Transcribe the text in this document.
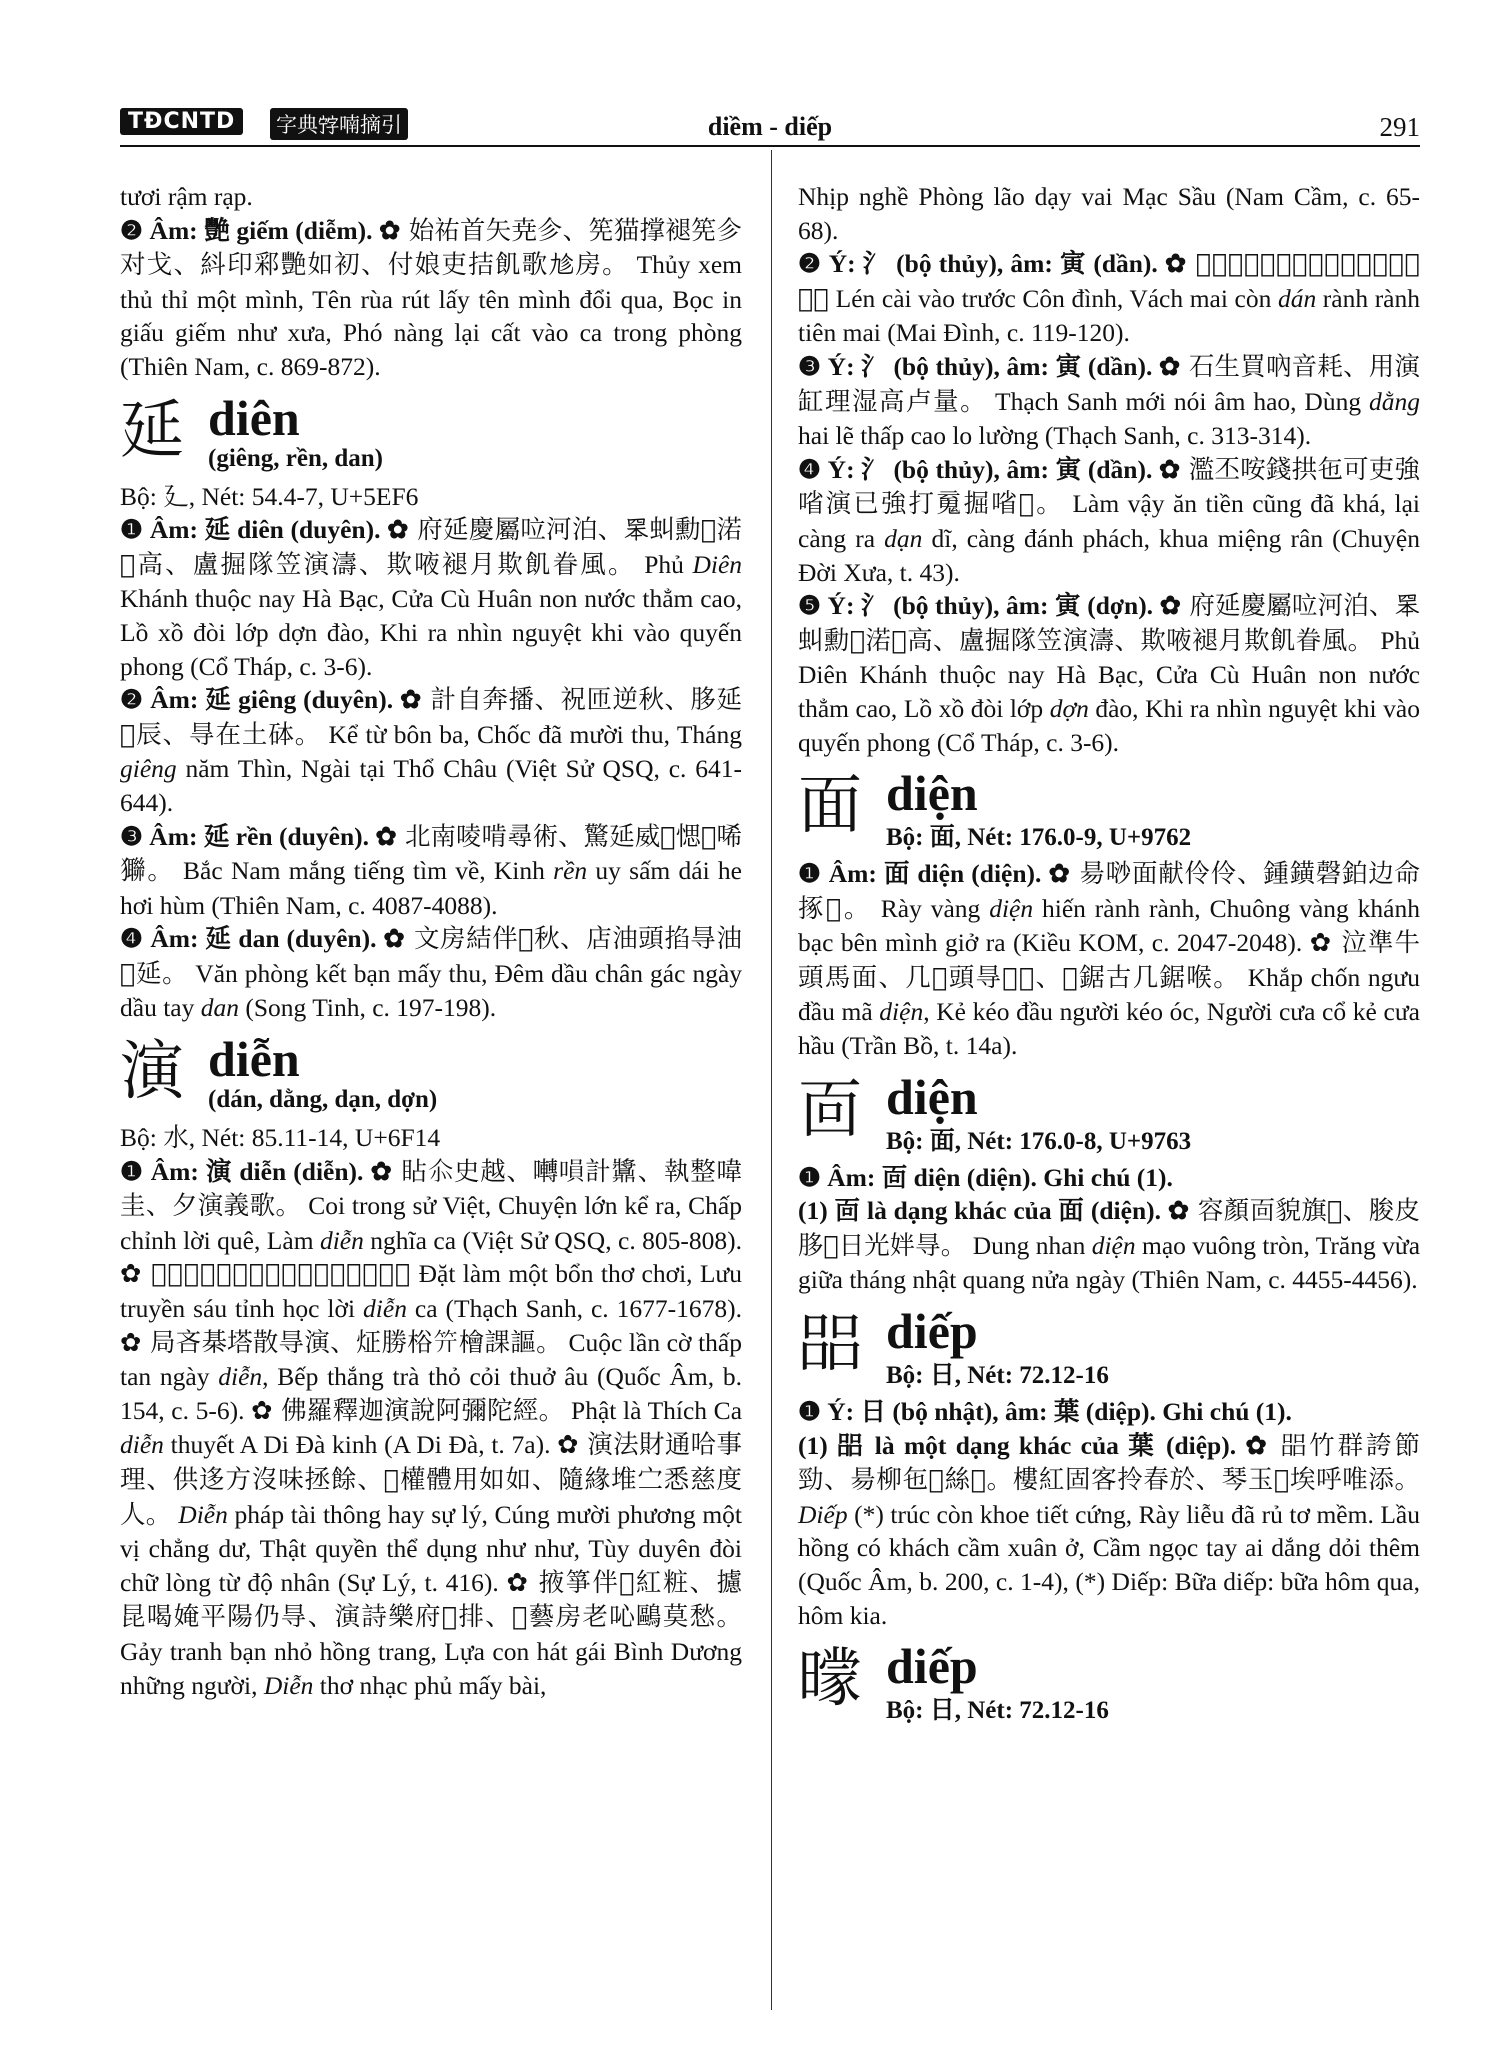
TĐCNTD	字典𡨸喃摘引	diềm - diếp	291

tươi rậm rạp.

❷ Âm: 艷 giếm (diễm). ✿ 始祐首矢尭㐱、筅猫撑褪筅㐱对戈、紏印䣋艷如初、付娘吏拮飢歌𠃩房。 Thủy xem thủ thỉ một mình, Tên rùa rút lấy tên mình đổi qua, Bọc in giấu giếm như xưa, Phó nàng lại cất vào ca trong phòng (Thiên Nam, c. 869-872).

延 diên
(giêng, rền, dan)

Bộ: 廴, Nét: 54.4-7, U+5EF6

❶ Âm: 延 diên (duyên). ✿ 府延慶屬㕸河泊、𦊚虯勳𡀳渃𣼽高、盧掘隊笠演濤、欺㖡褪月欺飢眷風。 Phủ Diên Khánh thuộc nay Hà Bạc, Cửa Cù Huân non nước thẳm cao, Lồ xồ đòi lớp dợn đào, Khi ra nhìn nguyệt khi vào quyến phong (Cổ Tháp, c. 3-6).

❷ Âm: 延 giêng (duyên). ✿ 計自奔播、祝匝逆秋、䏧延𢆥辰、㝵在土砵。 Kể từ bôn ba, Chốc đã mười thu, Tháng giêng năm Thìn, Ngài tại Thổ Châu (Việt Sử QSQ, c. 641-644).

❸ Âm: 延 rền (duyên). ✿ 北南㖫啃尋術、驚延威𩆐愢𩿠唏㺦。 Bắc Nam mắng tiếng tìm về, Kinh rền uy sấm dái he hơi hùm (Thiên Nam, c. 4087-4088).

❹ Âm: 延 dan (duyên). ✿ 文房結伴𠃣秋、店油頭掐㝵油𠄼延。 Văn phòng kết bạn mấy thu, Đêm dầu chân gác ngày dầu tay dan (Song Tinh, c. 197-198).

演 diễn
(dán, dằng, dạn, dợn)

Bộ: 水, Nét: 85.11-14, U+6F14

❶ Âm: 演 diễn (diễn). ✿ 䀡𠇍史越、囀𠹚計䵼、執整喡圭、夕演義歌。 Coi trong sử Việt, Chuyện lớn kể ra, Chấp chỉnh lời quê, Làm diễn nghĩa ca (Việt Sử QSQ, c. 805-808). ✿ 𡏦夕没本𨁪𨀈、留傳𦒹省學喃課歌。 Đặt làm một bổn thơ chơi, Lưu truyền sáu tỉnh học lời diễn ca (Thạch Sanh, c. 1677-1678). ✿ 局吝棊塔散㝵演、炡勝㭲𥫚檜課謳。 Cuộc lần cờ thấp tan ngày diễn, Bếp thắng trà thỏ cỏi thuở âu (Quốc Âm, b. 154, c. 5-6). ✿ 佛羅釋迦演說阿彌陀經。 Phật là Thích Ca diễn thuyết A Di Đà kinh (A Di Đà, t. 7a). ✿ 演法財通哈事理、供迻方沒味拯餘、𡨹權體用如如、隨緣堆㝉悉慈度人。 Diễn pháp tài thông hay sự lý, Cúng mười phương một vị chẳng dư, Thật quyền thể dụng như như, Tùy duyên đòi chữ lòng từ độ nhân (Sự Lý, t. 416). ✿ 掖箏伴𡮈紅粧、攄昆喝㛪平陽仍㝵、演詩樂府𠃣排、𢯏藝房老吣鷗莫愁。 Gảy tranh bạn nhỏ hồng trang, Lựa con hát gái Bình Dương những người, Diễn thơ nhạc phủ mấy bài,

Nhịp nghề Phòng lão dạy vai Mạc Sầu (Nam Cầm, c. 65-68).

❷ Ý: 氵 (bộ thủy), âm: 寅 (dần). ✿ 𨅸掑飢𩯀𡶀亭、壁梅群演伶伶𥱬梅。 Lén cài vào trước Côn đình, Vách mai còn dán rành rành tiên mai (Mai Đình, c. 119-120).

❸ Ý: 氵 (bộ thủy), âm: 寅 (dần). ✿ 石生買吶音耗、用演缸理湿高卢量。 Thạch Sanh mới nói âm hao, Dùng dằng hai lẽ thấp cao lo lường (Thạch Sanh, c. 313-314).

❹ Ý: 氵 (bộ thủy), âm: 寅 (dần). ✿ 濫丕咹錢拱㐌可吏強㗂演已強打䰟掘㗂𠿃。 Làm vậy ăn tiền cũng đã khá, lại càng ra dạn dĩ, càng đánh phách, khua miệng rân (Chuyện Đời Xưa, t. 43).

❺ Ý: 氵 (bộ thủy), âm: 寅 (dợn). ✿ 府延慶屬㕸河泊、𦊚虯勳𡀳渃𣼽高、盧掘隊笠演濤、欺㖡褪月欺飢眷風。 Phủ Diên Khánh thuộc nay Hà Bạc, Cửa Cù Huân non nước thẳm cao, Lồ xồ đòi lớp dợn đào, Khi ra nhìn nguyệt khi vào quyến phong (Cổ Tháp, c. 3-6).

面 diện
Bộ: 面, Nét: 176.0-9, U+9762

❶ Âm: 面 diện (diện). ✿ 昜唦面献伶伶、鍾鐄磬鉑边命㧻𠷩。 Rày vàng diện hiến rành rành, Chuông vàng khánh bạc bên mình giở ra (Kiều KOM, c. 2047-2048). ✿ 泣準牛頭馬面、几𢯠頭㝵𢯠𩠴、𠊚鋸古几鋸喉。 Khắp chốn ngưu đầu mã diện, Kẻ kéo đầu người kéo óc, Người cưa cổ kẻ cưa hầu (Trần Bồ, t. 14a).

靣 diện
Bộ: 面, Nét: 176.0-8, U+9763

❶ Âm: 靣 diện (diện). Ghi chú (1).

(1) 靣 là dạng khác của 面 (diện). ✿ 容顏靣貌旗𩵜、脧皮䏧𣎃日光姅㝵。 Dung nhan diện mạo vuông tròn, Trăng vừa giữa tháng nhật quang nửa ngày (Thiên Nam, c. 4455-4456).

㗊 diếp
Bộ: 日, Nét: 72.12-16

❶ Ý: 日 (bộ nhật), âm: 葉 (diệp). Ghi chú (1).

(1) 㗊 là một dạng khác của 葉 (diệp). ✿ 㗊竹群誇節勁、昜柳㐌𢭮絲𩛂。樓紅固客拎春於、琴玉𢬣埃呼唯添。 Diếp (*) trúc còn khoe tiết cứng, Rày liễu đã rủ tơ mềm. Lầu hồng có khách cầm xuân ở, Cầm ngọc tay ai dắng dỏi thêm (Quốc Âm, b. 200, c. 1-4), (*) Diếp: Bữa diếp: bữa hôm qua, hôm kia.

𣋡 diếp
Bộ: 日, Nét: 72.12-16
